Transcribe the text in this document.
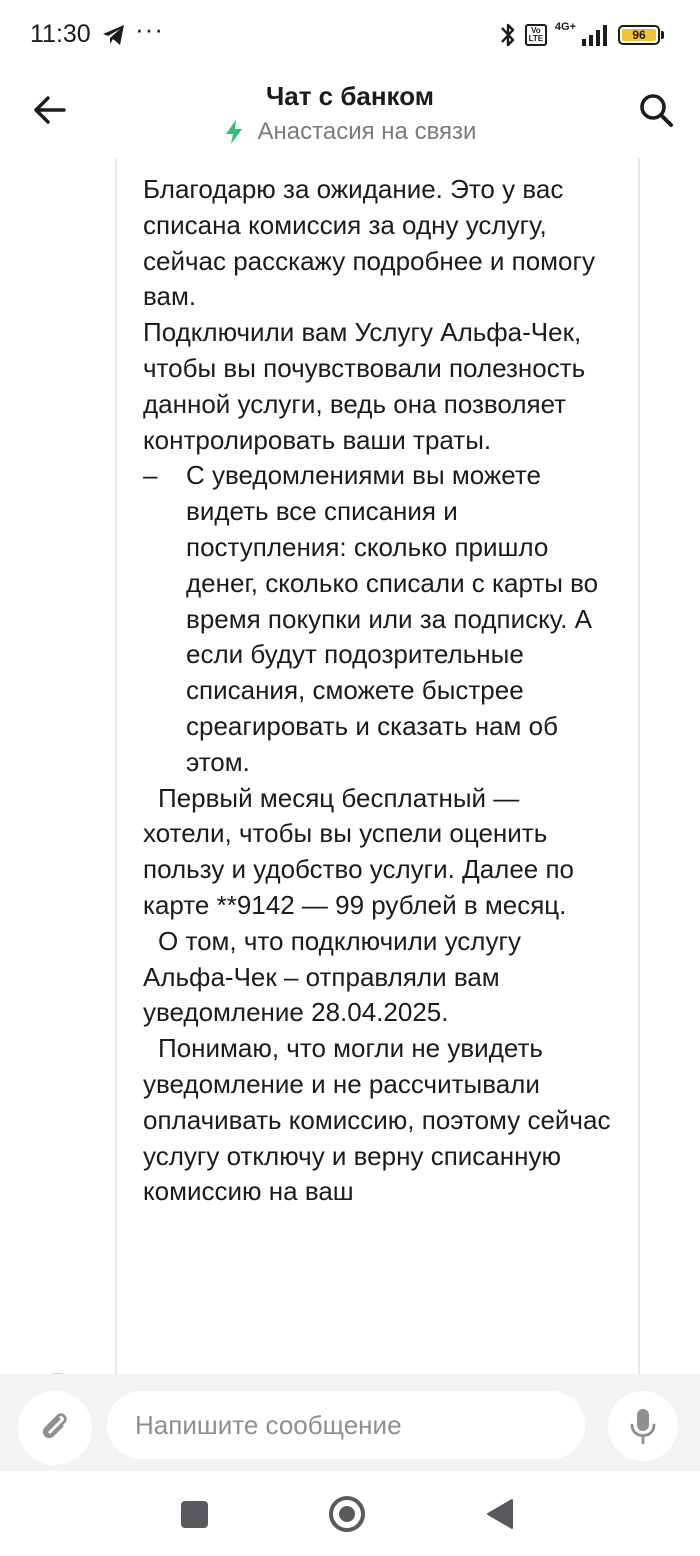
11:30 ···	Vo LTE
4G+
96
Чат с банком
Анастасия на связи

Благодарю за ожидание. Это у вас списана комиссия за одну услугу, сейчас расскажу подробнее и помогу вам.

Подключили вам Услугу Альфа-Чек, чтобы вы почувствовали полезность данной услуги, ведь она позволяет контролировать ваши траты.

– С уведомлениями вы можете видеть все списания и поступления: сколько пришло денег, сколько списали с карты во время покупки или за подписку. А если будут подозрительные списания, сможете быстрее среагировать и сказать нам об этом.

Первый месяц бесплатный — хотели, чтобы вы успели оценить пользу и удобство услуги. Далее по карте **9142 — 99 рублей в месяц.

О том, что подключили услугу Альфа-Чек – отправляли вам уведомление 28.04.2025.

Понимаю, что могли не увидеть уведомление и не рассчитывали оплачивать комиссию, поэтому сейчас услугу отключу и верну списанную комиссию на ваш

Напишите сообщение
